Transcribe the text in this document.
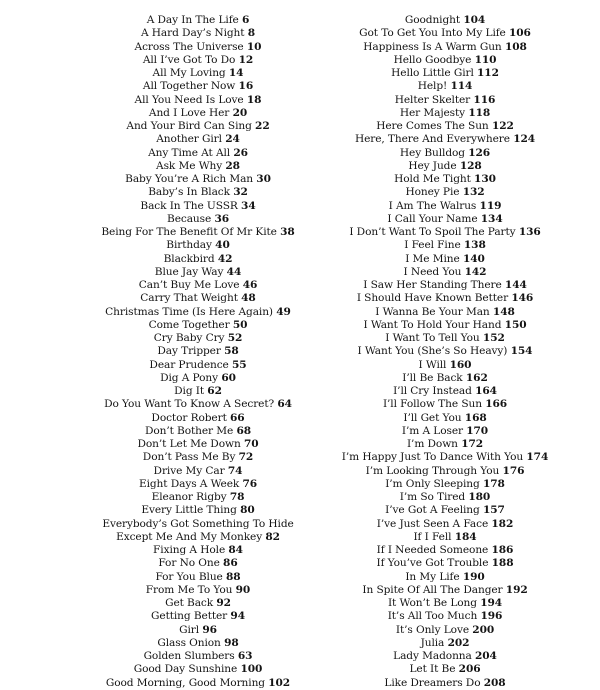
A Day In The Life 6
A Hard Day’s Night 8
Across The Universe 10
All I’ve Got To Do 12
All My Loving 14
All Together Now 16
All You Need Is Love 18
And I Love Her 20
And Your Bird Can Sing 22
Another Girl 24
Any Time At All 26
Ask Me Why 28
Baby You’re A Rich Man 30
Baby’s In Black 32
Back In The USSR 34
Because 36
Being For The Benefit Of Mr Kite 38
Birthday 40
Blackbird 42
Blue Jay Way 44
Can’t Buy Me Love 46
Carry That Weight 48
Christmas Time (Is Here Again) 49
Come Together 50
Cry Baby Cry 52
Day Tripper 58
Dear Prudence 55
Dig A Pony 60
Dig It 62
Do You Want To Know A Secret? 64
Doctor Robert 66
Don’t Bother Me 68
Don’t Let Me Down 70
Don’t Pass Me By 72
Drive My Car 74
Eight Days A Week 76
Eleanor Rigby 78
Every Little Thing 80
Everybody’s Got Something To Hide
Except Me And My Monkey 82
Fixing A Hole 84
For No One 86
For You Blue 88
From Me To You 90
Get Back 92
Getting Better 94
Girl 96
Glass Onion 98
Golden Slumbers 63
Good Day Sunshine 100
Good Morning, Good Morning 102
Goodnight 104
Got To Get You Into My Life 106
Happiness Is A Warm Gun 108
Hello Goodbye 110
Hello Little Girl 112
Help! 114
Helter Skelter 116
Her Majesty 118
Here Comes The Sun 122
Here, There And Everywhere 124
Hey Bulldog 126
Hey Jude 128
Hold Me Tight 130
Honey Pie 132
I Am The Walrus 119
I Call Your Name 134
I Don’t Want To Spoil The Party 136
I Feel Fine 138
I Me Mine 140
I Need You 142
I Saw Her Standing There 144
I Should Have Known Better 146
I Wanna Be Your Man 148
I Want To Hold Your Hand 150
I Want To Tell You 152
I Want You (She’s So Heavy) 154
I Will 160
I’ll Be Back 162
I’ll Cry Instead 164
I’ll Follow The Sun 166
I’ll Get You 168
I’m A Loser 170
I’m Down 172
I’m Happy Just To Dance With You 174
I’m Looking Through You 176
I’m Only Sleeping 178
I’m So Tired 180
I’ve Got A Feeling 157
I’ve Just Seen A Face 182
If I Fell 184
If I Needed Someone 186
If You’ve Got Trouble 188
In My Life 190
In Spite Of All The Danger 192
It Won’t Be Long 194
It’s All Too Much 196
It’s Only Love 200
Julia 202
Lady Madonna 204
Let It Be 206
Like Dreamers Do 208
